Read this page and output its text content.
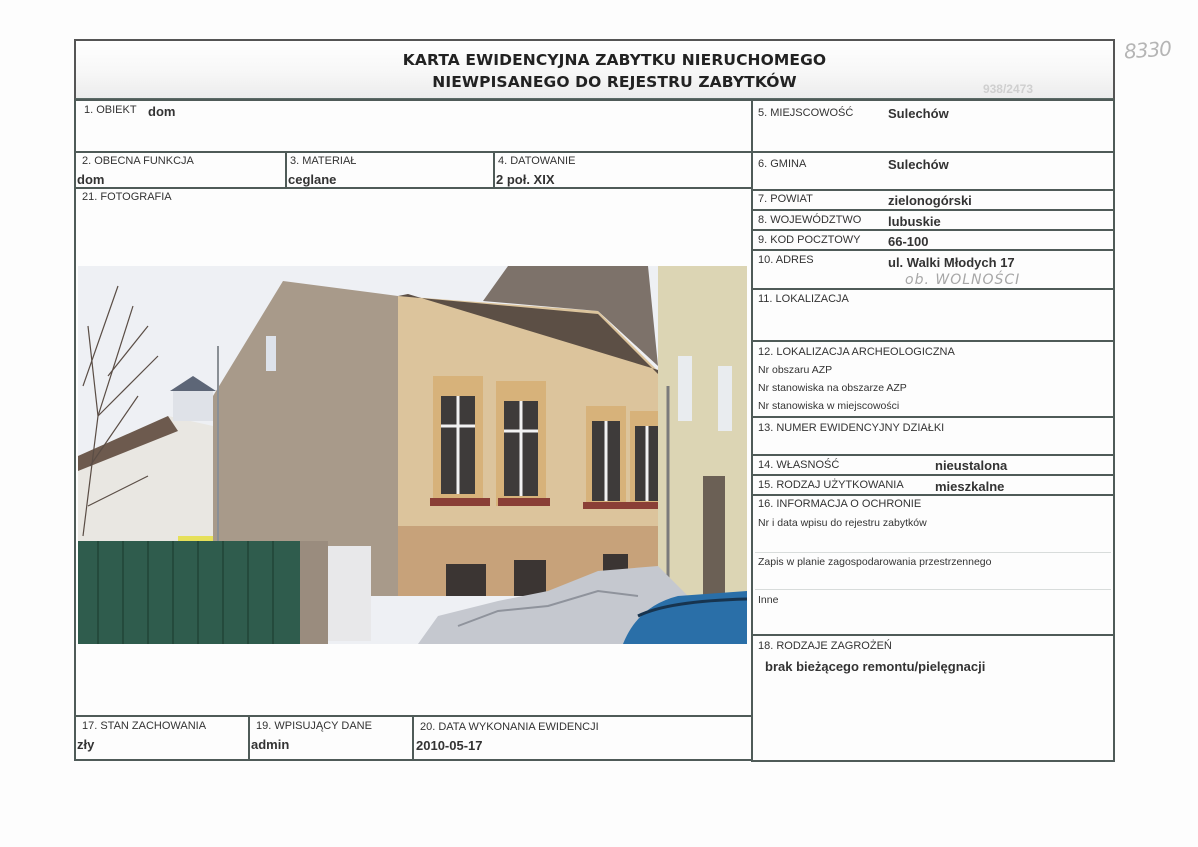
KARTA EWIDENCYJNA ZABYTKU NIERUCHOMEGO
NIEWPISANEGO DO REJESTRU ZABYTKÓW	938/2473
8330
1. OBIEKT dom
2. OBECNA FUNKCJA
dom
3. MATERIAŁ
ceglane
4. DATOWANIE
2 poł. XIX
21. FOTOGRAFIA
5. MIEJSCOWOŚĆ	Sulechów
6. GMINA	Sulechów
7. POWIAT	zielonogórski
8. WOJEWÓDZTWO lubuskie
9. KOD POCZTOWY 66-100
10. ADRES	ul. Walki Młodych 17
ob. WOLNOŚCI
11. LOKALIZACJA
12. LOKALIZACJA ARCHEOLOGICZNA
Nr obszaru AZP
Nr stanowiska na obszarze AZP
Nr stanowiska w miejscowości
13. NUMER EWIDENCYJNY DZIAŁKI
14. WŁASNOŚĆ	nieustalona
15. RODZAJ UŻYTKOWANIA mieszkalne
16. INFORMACJA O OCHRONIE
Nr i data wpisu do rejestru zabytków
Zapis w planie zagospodarowania przestrzennego
Inne
18. RODZAJE ZAGROŻEŃ
brak bieżącego remontu/pielęgnacji
17. STAN ZACHOWANIA
zły
19. WPISUJĄCY DANE
admin
20. DATA WYKONANIA EWIDENCJI
2010-05-17
